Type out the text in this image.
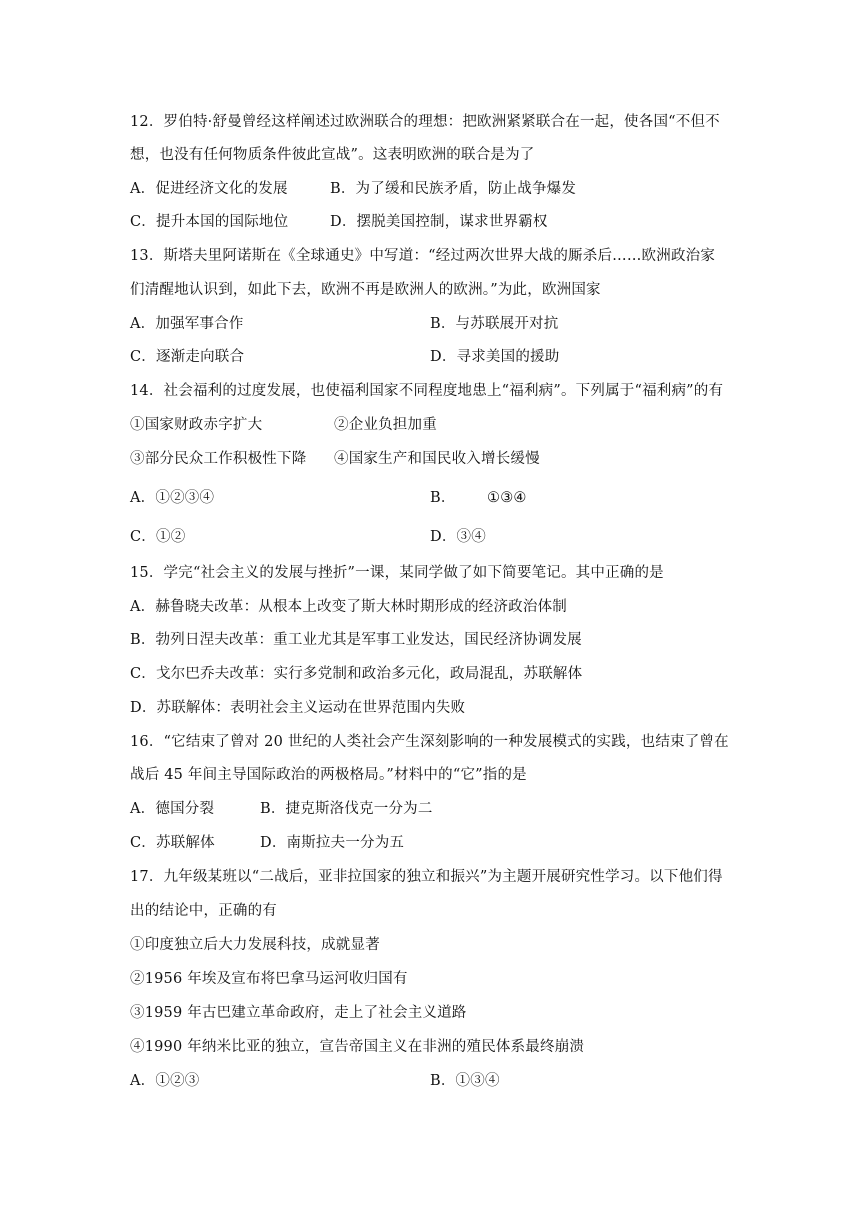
12．罗伯特·舒曼曾经这样阐述过欧洲联合的理想：把欧洲紧紧联合在一起，使各国“不但不
想，也没有任何物质条件彼此宣战”。这表明欧洲的联合是为了
A．促进经济文化的发展	B．为了缓和民族矛盾，防止战争爆发
C．提升本国的国际地位	D．摆脱美国控制，谋求世界霸权
13．斯塔夫里阿诺斯在《全球通史》中写道：“经过两次世界大战的厮杀后……欧洲政治家
们清醒地认识到，如此下去，欧洲不再是欧洲人的欧洲。”为此，欧洲国家
A．加强军事合作	B．与苏联展开对抗
C．逐渐走向联合	D．寻求美国的援助
14．社会福利的过度发展，也使福利国家不同程度地患上“福利病”。下列属于“福利病”的有
①国家财政赤字扩大	②企业负担加重
③部分民众工作积极性下降 ④国家生产和国民收入增长缓慢
A．①②③④	B． ①③④
C．①②	D．③④
15．学完“社会主义的发展与挫折”一课，某同学做了如下简要笔记。其中正确的是
A．赫鲁晓夫改革：从根本上改变了斯大林时期形成的经济政治体制
B．勃列日涅夫改革：重工业尤其是军事工业发达，国民经济协调发展
C．戈尔巴乔夫改革：实行多党制和政治多元化，政局混乱，苏联解体
D．苏联解体：表明社会主义运动在世界范围内失败
16．“它结束了曾对 20 世纪的人类社会产生深刻影响的一种发展模式的实践，也结束了曾在
战后 45 年间主导国际政治的两极格局。”材料中的“它”指的是
A．德国分裂	B．捷克斯洛伐克一分为二
C．苏联解体	D．南斯拉夫一分为五
17．九年级某班以“二战后，亚非拉国家的独立和振兴”为主题开展研究性学习。以下他们得
出的结论中，正确的有
①印度独立后大力发展科技，成就显著
②1956 年埃及宣布将巴拿马运河收归国有
③1959 年古巴建立革命政府，走上了社会主义道路
④1990 年纳米比亚的独立，宣告帝国主义在非洲的殖民体系最终崩溃
A．①②③	B．①③④
